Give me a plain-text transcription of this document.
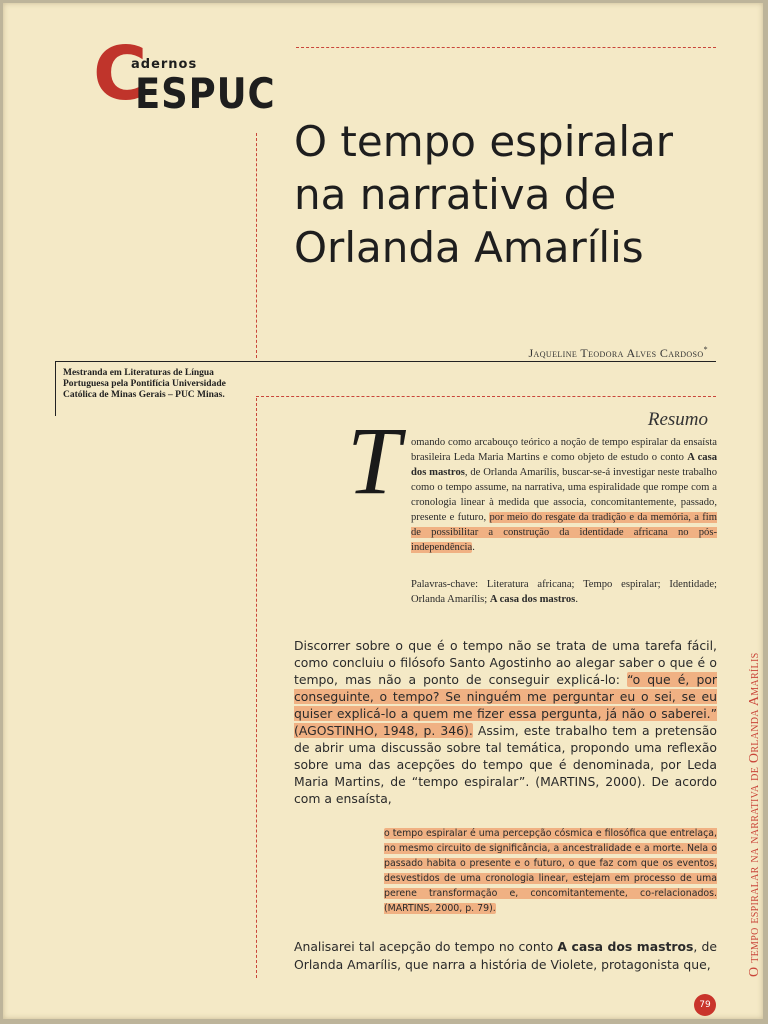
C
adernos
ESPUC
O tempo espiralar na narrativa de Orlanda Amarílis
Jaqueline Teodora Alves Cardoso*
Mestranda em Literaturas de Língua Portuguesa pela Pontifícia Universidade Católica de Minas Gerais – PUC Minas.
Resumo
T omando como arcabouço teórico a noção de tempo espiralar da ensaísta brasileira Leda Maria Martins e como objeto de estudo o conto A casa dos mastros, de Orlanda Amarílis, buscar-se-á investigar neste trabalho como o tempo assume, na narrativa, uma espiralidade que rompe com a cronologia linear à medida que associa, concomitantemente, passado, presente e futuro, por meio do resgate da tradição e da memória, a fim de possibilitar a construção da identidade africana no pós-independência.

Palavras-chave: Literatura africana; Tempo espiralar; Identidade; Orlanda Amarílis; A casa dos mastros.

Discorrer sobre o que é o tempo não se trata de uma tarefa fácil, como concluiu o filósofo Santo Agostinho ao alegar saber o que é o tempo, mas não a ponto de conseguir explicá-lo: “o que é, por conseguinte, o tempo? Se ninguém me perguntar eu o sei, se eu quiser explicá-lo a quem me fizer essa pergunta, já não o saberei.” (AGOSTINHO, 1948, p. 346). Assim, este trabalho tem a pretensão de abrir uma discussão sobre tal temática, propondo uma reflexão sobre uma das acepções do tempo que é denominada, por Leda Maria Martins, de “tempo espiralar”. (MARTINS, 2000). De acordo com a ensaísta,

o tempo espiralar é uma percepção cósmica e filosófica que entrelaça, no mesmo circuito de significância, a ancestralidade e a morte. Nela o passado habita o presente e o futuro, o que faz com que os eventos, desvestidos de uma cronologia linear, estejam em processo de uma perene transformação e, concomitantemente, co-relacionados. (MARTINS, 2000, p. 79).

Analisarei tal acepção do tempo no conto A casa dos mastros, de Orlanda Amarílis, que narra a história de Violete, protagonista que,	O tempo espiralar na narrativa de Orlanda Amarílis
79
